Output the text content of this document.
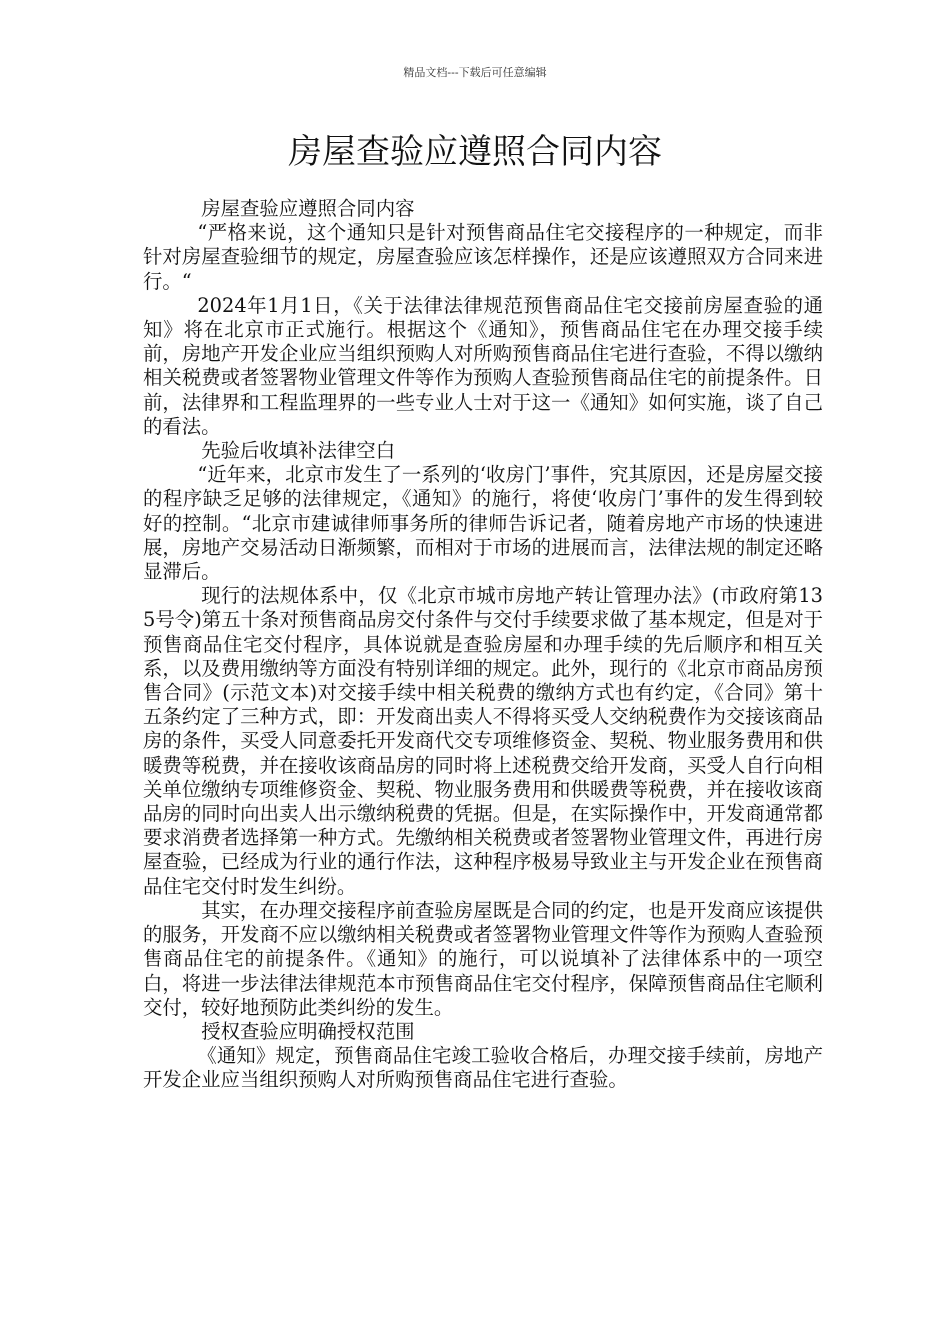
精品文档---下载后可任意编辑
房屋查验应遵照合同内容

房屋查验应遵照合同内容

“严格来说，这个通知只是针对预售商品住宅交接程序的一种规定，而非针对房屋查验细节的规定，房屋查验应该怎样操作，还是应该遵照双方合同来进行。“

2024年1月1日，《关于法律法律规范预售商品住宅交接前房屋查验的通知》将在北京市正式施行。根据这个《通知》，预售商品住宅在办理交接手续前，房地产开发企业应当组织预购人对所购预售商品住宅进行查验，不得以缴纳相关税费或者签署物业管理文件等作为预购人查验预售商品住宅的前提条件。日前，法律界和工程监理界的一些专业人士对于这一《通知》如何实施，谈了自己的看法。

先验后收填补法律空白

“近年来，北京市发生了一系列的‘收房门’事件，究其原因，还是房屋交接的程序缺乏足够的法律规定，《通知》的施行，将使‘收房门’事件的发生得到较好的控制。“北京市建诚律师事务所的律师告诉记者，随着房地产市场的快速进展，房地产交易活动日渐频繁，而相对于市场的进展而言，法律法规的制定还略显滞后。

现行的法规体系中，仅《北京市城市房地产转让管理办法》(市政府第135号令)第五十条对预售商品房交付条件与交付手续要求做了基本规定，但是对于预售商品住宅交付程序，具体说就是查验房屋和办理手续的先后顺序和相互关系，以及费用缴纳等方面没有特别详细的规定。此外，现行的《北京市商品房预售合同》(示范文本)对交接手续中相关税费的缴纳方式也有约定，《合同》第十五条约定了三种方式，即：开发商出卖人不得将买受人交纳税费作为交接该商品房的条件，买受人同意委托开发商代交专项维修资金、契税、物业服务费用和供暖费等税费，并在接收该商品房的同时将上述税费交给开发商，买受人自行向相关单位缴纳专项维修资金、契税、物业服务费用和供暖费等税费，并在接收该商品房的同时向出卖人出示缴纳税费的凭据。但是，在实际操作中，开发商通常都要求消费者选择第一种方式。先缴纳相关税费或者签署物业管理文件，再进行房屋查验，已经成为行业的通行作法，这种程序极易导致业主与开发企业在预售商品住宅交付时发生纠纷。

其实，在办理交接程序前查验房屋既是合同的约定，也是开发商应该提供的服务，开发商不应以缴纳相关税费或者签署物业管理文件等作为预购人查验预售商品住宅的前提条件。《通知》的施行，可以说填补了法律体系中的一项空白，将进一步法律法律规范本市预售商品住宅交付程序，保障预售商品住宅顺利交付，较好地预防此类纠纷的发生。

授权查验应明确授权范围

《通知》规定，预售商品住宅竣工验收合格后，办理交接手续前，房地产开发企业应当组织预购人对所购预售商品住宅进行查验。
